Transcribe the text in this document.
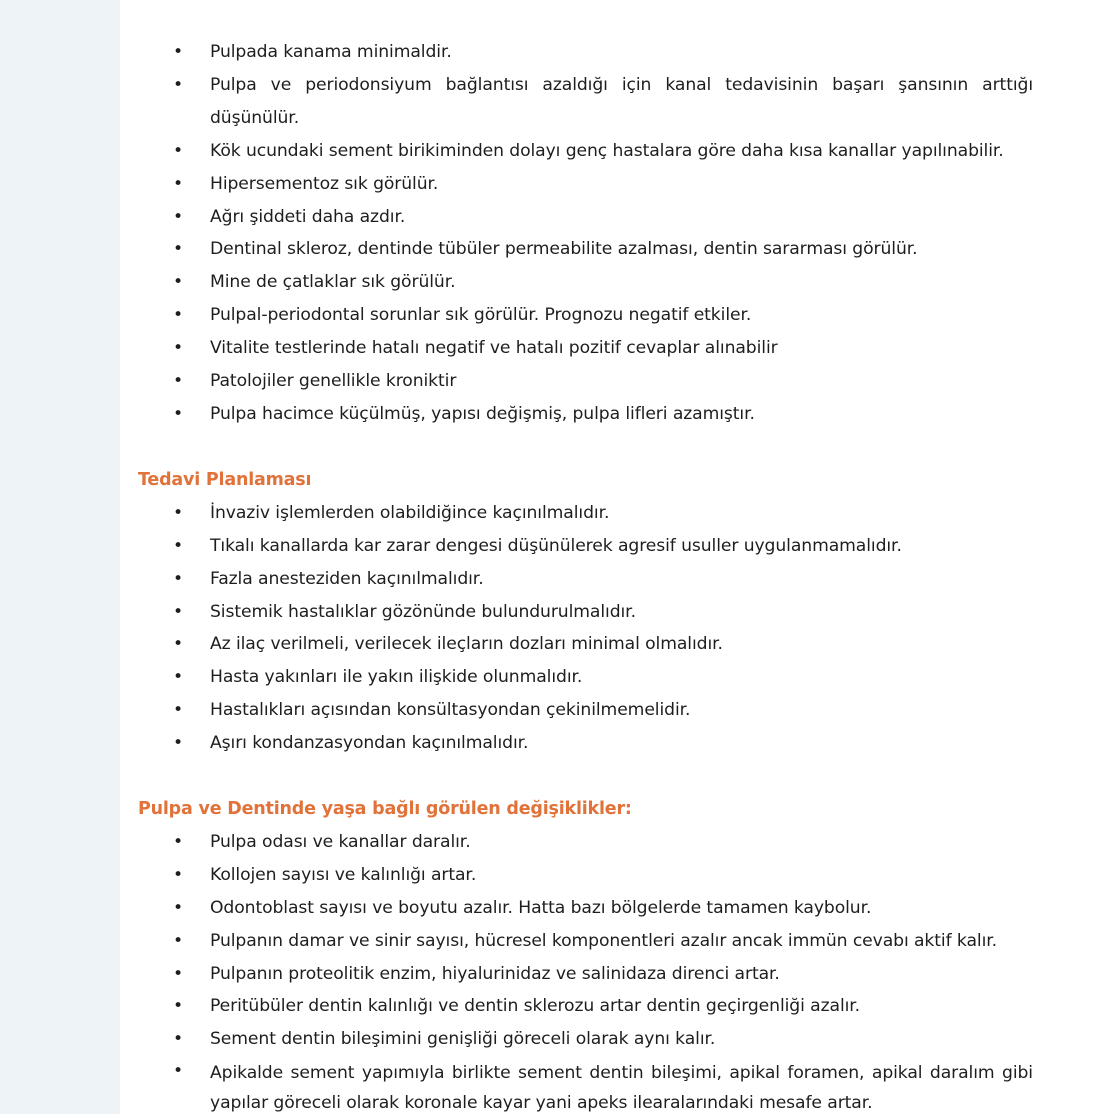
• Pulpada kanama minimaldir.
• Pulpa ve periodonsiyum bağlantısı azaldığı için kanal tedavisinin başarı şansının arttığı düşünülür.
• Kök ucundaki sement birikiminden dolayı genç hastalara göre daha kısa kanallar yapılınabilir.
• Hipersementoz sık görülür.
• Ağrı şiddeti daha azdır.
• Dentinal skleroz, dentinde tübüler permeabilite azalması, dentin sararması görülür.
• Mine de çatlaklar sık görülür.
• Pulpal-periodontal sorunlar sık görülür. Prognozu negatif etkiler.
• Vitalite testlerinde hatalı negatif ve hatalı pozitif cevaplar alınabilir
• Patolojiler genellikle kroniktir
• Pulpa hacimce küçülmüş, yapısı değişmiş, pulpa lifleri azamıştır.
Tedavi Planlaması
• İnvaziv işlemlerden olabildiğince kaçınılmalıdır.
• Tıkalı kanallarda kar zarar dengesi düşünülerek agresif usuller uygulanmamalıdır.
• Fazla anesteziden kaçınılmalıdır.
• Sistemik hastalıklar gözönünde bulundurulmalıdır.
• Az ilaç verilmeli, verilecek ileçların dozları minimal olmalıdır.
• Hasta yakınları ile yakın ilişkide olunmalıdır.
• Hastalıkları açısından konsültasyondan çekinilmemelidir.
• Aşırı kondanzasyondan kaçınılmalıdır.
Pulpa ve Dentinde yaşa bağlı görülen değişiklikler:
• Pulpa odası ve kanallar daralır.
• Kollojen sayısı ve kalınlığı artar.
• Odontoblast sayısı ve boyutu azalır. Hatta bazı bölgelerde tamamen kaybolur.
• Pulpanın damar ve sinir sayısı, hücresel komponentleri azalır ancak immün cevabı aktif kalır.
• Pulpanın proteolitik enzim, hiyalurinidaz ve salinidaza direnci artar.
• Peritübüler dentin kalınlığı ve dentin sklerozu artar dentin geçirgenliği azalır.
• Sement dentin bileşimini genişliği göreceli olarak aynı kalır.
• Apikalde sement yapımıyla birlikte sement dentin bileşimi, apikal foramen, apikal daralım gibi yapılar göreceli olarak koronale kayar yani apeks ilearalarındaki mesafe artar.
